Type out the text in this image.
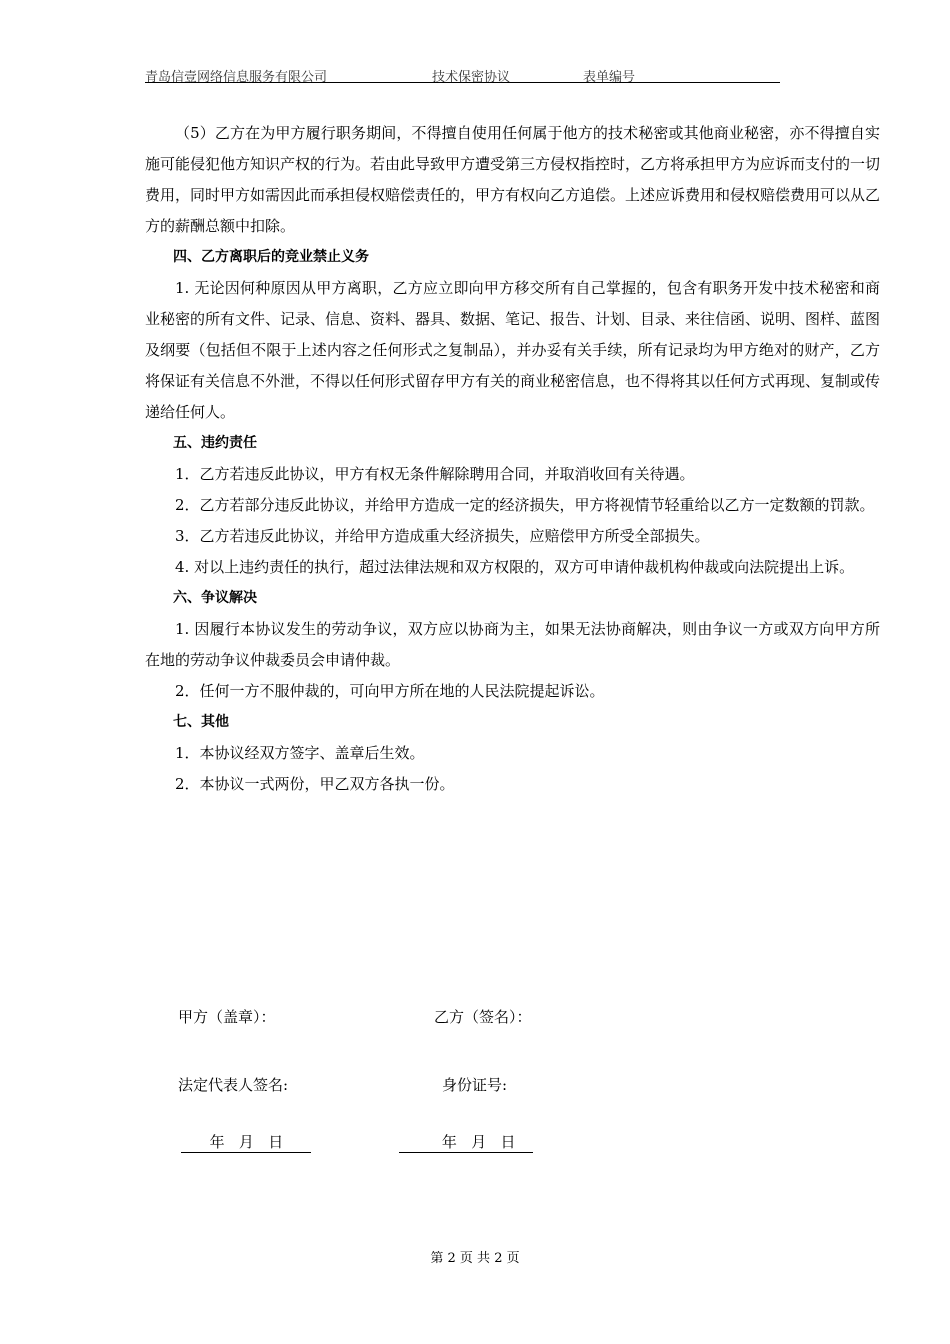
青岛信壹网络信息服务有限公司	技术保密协议	表单编号

（5）乙方在为甲方履行职务期间，不得擅自使用任何属于他方的技术秘密或其他商业秘密，亦不得擅自实施可能侵犯他方知识产权的行为。若由此导致甲方遭受第三方侵权指控时，乙方将承担甲方为应诉而支付的一切费用，同时甲方如需因此而承担侵权赔偿责任的，甲方有权向乙方追偿。上述应诉费用和侵权赔偿费用可以从乙方的薪酬总额中扣除。

四、乙方离职后的竞业禁止义务

1. 无论因何种原因从甲方离职，乙方应立即向甲方移交所有自己掌握的，包含有职务开发中技术秘密和商业秘密的所有文件、记录、信息、资料、器具、数据、笔记、报告、计划、目录、来往信函、说明、图样、蓝图及纲要（包括但不限于上述内容之任何形式之复制品），并办妥有关手续，所有记录均为甲方绝对的财产，乙方将保证有关信息不外泄，不得以任何形式留存甲方有关的商业秘密信息，也不得将其以任何方式再现、复制或传递给任何人。

五、违约责任

1．乙方若违反此协议，甲方有权无条件解除聘用合同，并取消收回有关待遇。

2．乙方若部分违反此协议，并给甲方造成一定的经济损失，甲方将视情节轻重给以乙方一定数额的罚款。

3．乙方若违反此协议，并给甲方造成重大经济损失，应赔偿甲方所受全部损失。

4. 对以上违约责任的执行，超过法律法规和双方权限的，双方可申请仲裁机构仲裁或向法院提出上诉。

六、争议解决

1. 因履行本协议发生的劳动争议，双方应以协商为主，如果无法协商解决，则由争议一方或双方向甲方所在地的劳动争议仲裁委员会申请仲裁。

2．任何一方不服仲裁的，可向甲方所在地的人民法院提起诉讼。

七、其他

1．本协议经双方签字、盖章后生效。

2．本协议一式两份，甲乙双方各执一份。

甲方（盖章）：	乙方（签名）：
法定代表人签名:	身份证号:
年   月   日	年   月   日
第 2 页 共 2 页
